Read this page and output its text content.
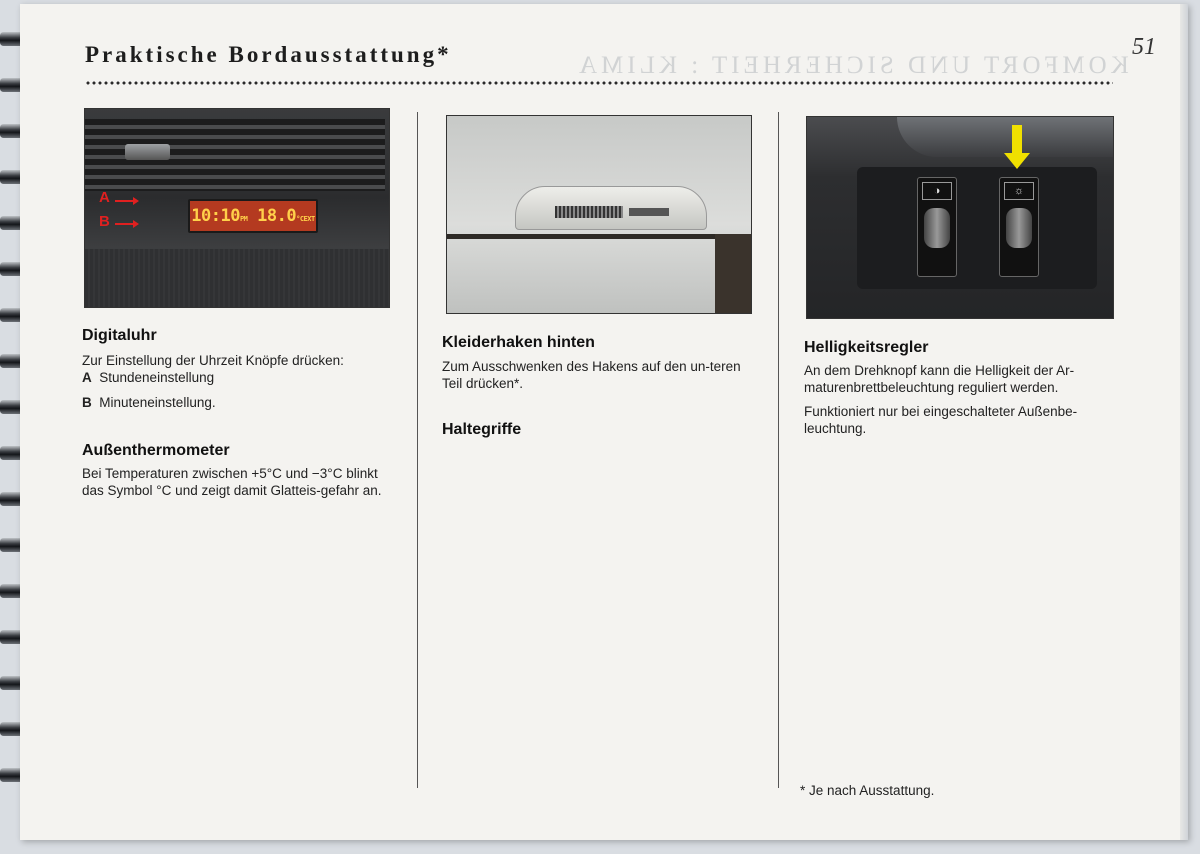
KOMFORT UND SICHERHEIT : KLIMA
Praktische Bordausstattung*	51
A
B	10:10PM 18.0°CEXT
◑	☼
Digitaluhr
Zur Einstellung der Uhrzeit Knöpfe drücken:
A Stundeneinstellung
B Minuteneinstellung.
Außenthermometer
Bei Temperaturen zwischen +5°C und −3°C blinkt das Symbol °C und zeigt damit Glatteis-gefahr an.
Kleiderhaken hinten
Zum Ausschwenken des Hakens auf den un-teren Teil drücken*.
Haltegriffe
Helligkeitsregler
An dem Drehknopf kann die Helligkeit der Ar-maturenbrettbeleuchtung reguliert werden.
Funktioniert nur bei eingeschalteter Außenbe-leuchtung.
* Je nach Ausstattung.
